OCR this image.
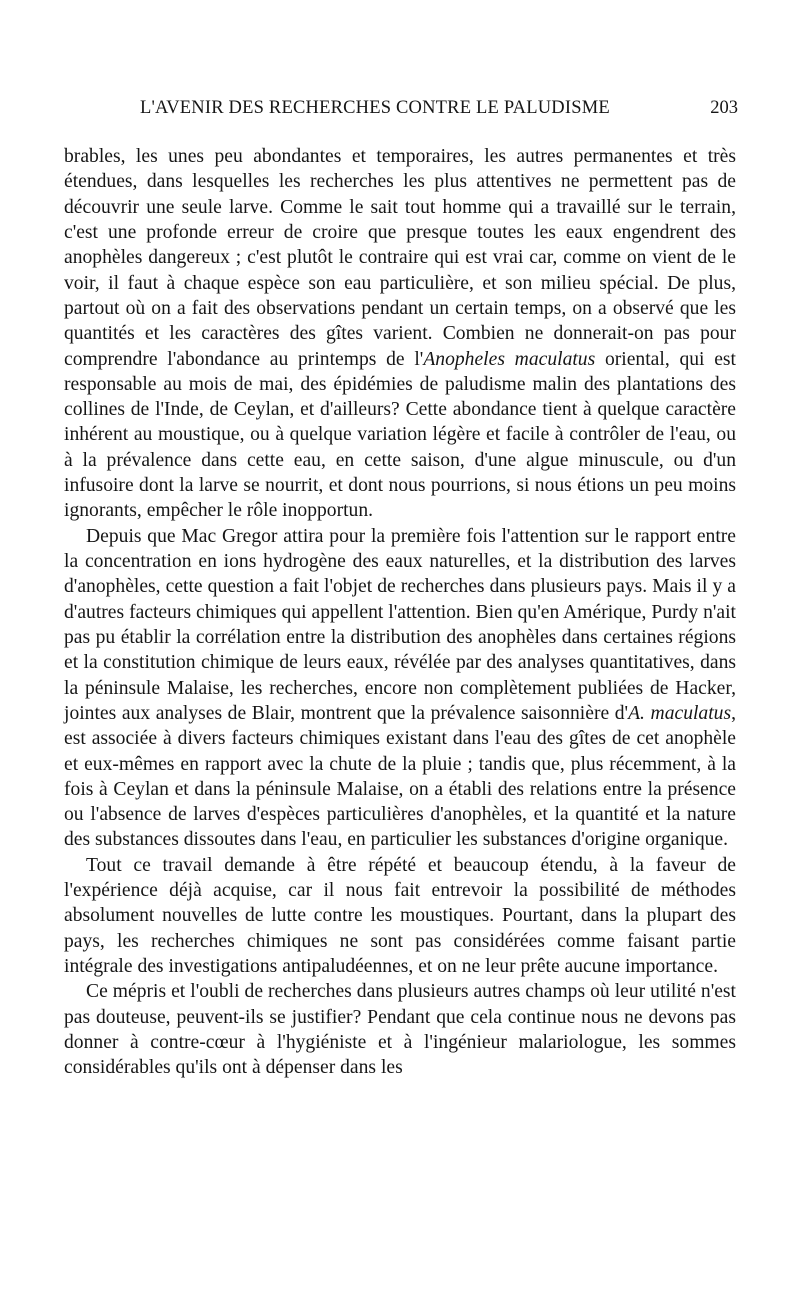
L'AVENIR DES RECHERCHES CONTRE LE PALUDISME	203

brables, les unes peu abondantes et temporaires, les autres permanentes et très étendues, dans lesquelles les recherches les plus attentives ne permettent pas de découvrir une seule larve. Comme le sait tout homme qui a travaillé sur le terrain, c'est une profonde erreur de croire que presque toutes les eaux engendrent des anophèles dangereux ; c'est plutôt le contraire qui est vrai car, comme on vient de le voir, il faut à chaque espèce son eau particulière, et son milieu spécial. De plus, partout où on a fait des observations pendant un certain temps, on a observé que les quantités et les caractères des gîtes varient. Combien ne donnerait-on pas pour comprendre l'abondance au printemps de l'Anopheles maculatus oriental, qui est responsable au mois de mai, des épidémies de paludisme malin des plantations des collines de l'Inde, de Ceylan, et d'ailleurs? Cette abondance tient à quelque caractère inhérent au moustique, ou à quelque variation légère et facile à contrôler de l'eau, ou à la prévalence dans cette eau, en cette saison, d'une algue minuscule, ou d'un infusoire dont la larve se nourrit, et dont nous pourrions, si nous étions un peu moins ignorants, empêcher le rôle inopportun.

Depuis que Mac Gregor attira pour la première fois l'attention sur le rapport entre la concentration en ions hydrogène des eaux naturelles, et la distribution des larves d'anophèles, cette question a fait l'objet de recherches dans plusieurs pays. Mais il y a d'autres facteurs chimiques qui appellent l'attention. Bien qu'en Amérique, Purdy n'ait pas pu établir la corrélation entre la distribution des anophèles dans certaines régions et la constitution chimique de leurs eaux, révélée par des analyses quantitatives, dans la péninsule Malaise, les recherches, encore non complètement publiées de Hacker, jointes aux analyses de Blair, montrent que la prévalence saisonnière d'A. maculatus, est associée à divers facteurs chimiques existant dans l'eau des gîtes de cet anophèle et eux-mêmes en rapport avec la chute de la pluie ; tandis que, plus récemment, à la fois à Ceylan et dans la péninsule Malaise, on a établi des relations entre la présence ou l'absence de larves d'espèces particulières d'anophèles, et la quantité et la nature des substances dissoutes dans l'eau, en particulier les substances d'origine organique.

Tout ce travail demande à être répété et beaucoup étendu, à la faveur de l'expérience déjà acquise, car il nous fait entrevoir la possibilité de méthodes absolument nouvelles de lutte contre les moustiques. Pourtant, dans la plupart des pays, les recherches chimiques ne sont pas considérées comme faisant partie intégrale des investigations antipaludéennes, et on ne leur prête aucune importance.

Ce mépris et l'oubli de recherches dans plusieurs autres champs où leur utilité n'est pas douteuse, peuvent-ils se justifier? Pendant que cela continue nous ne devons pas donner à contre-cœur à l'hygiéniste et à l'ingénieur malariologue, les sommes considérables qu'ils ont à dépenser dans les
